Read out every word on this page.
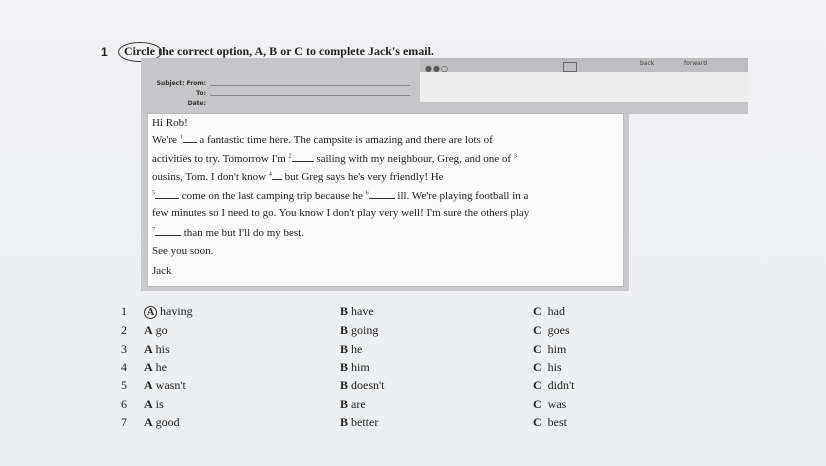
1 Circle the correct option, A, B or C to complete Jack's email.
●●○
back	forward
Subject: From:
To:
Date:
Hi Rob!
We're $^1$ a fantastic time here. The campsite is amazing and there are lots of
activities to try. Tomorrow I'm $^2$ sailing with my neighbour, Greg, and one of $^3$
ousins, Tom. I don't know $^4$ but Greg says he's very friendly! He
$^5$ come on the last camping trip because he $^6$ ill. We're playing football in a
few minutes so I need to go. You know I don't play very well! I'm sure the others play
$^7$ than me but I'll do my best.
See you soon.
Jack
1 A having	B have	C  had
2 A go	B going	C  goes
3 A his	B he	C  him
4 A he	B him	C  his
5 A wasn't	B doesn't	C  didn't
6 A is	B are	C  was
7 A good	B better	C  best
